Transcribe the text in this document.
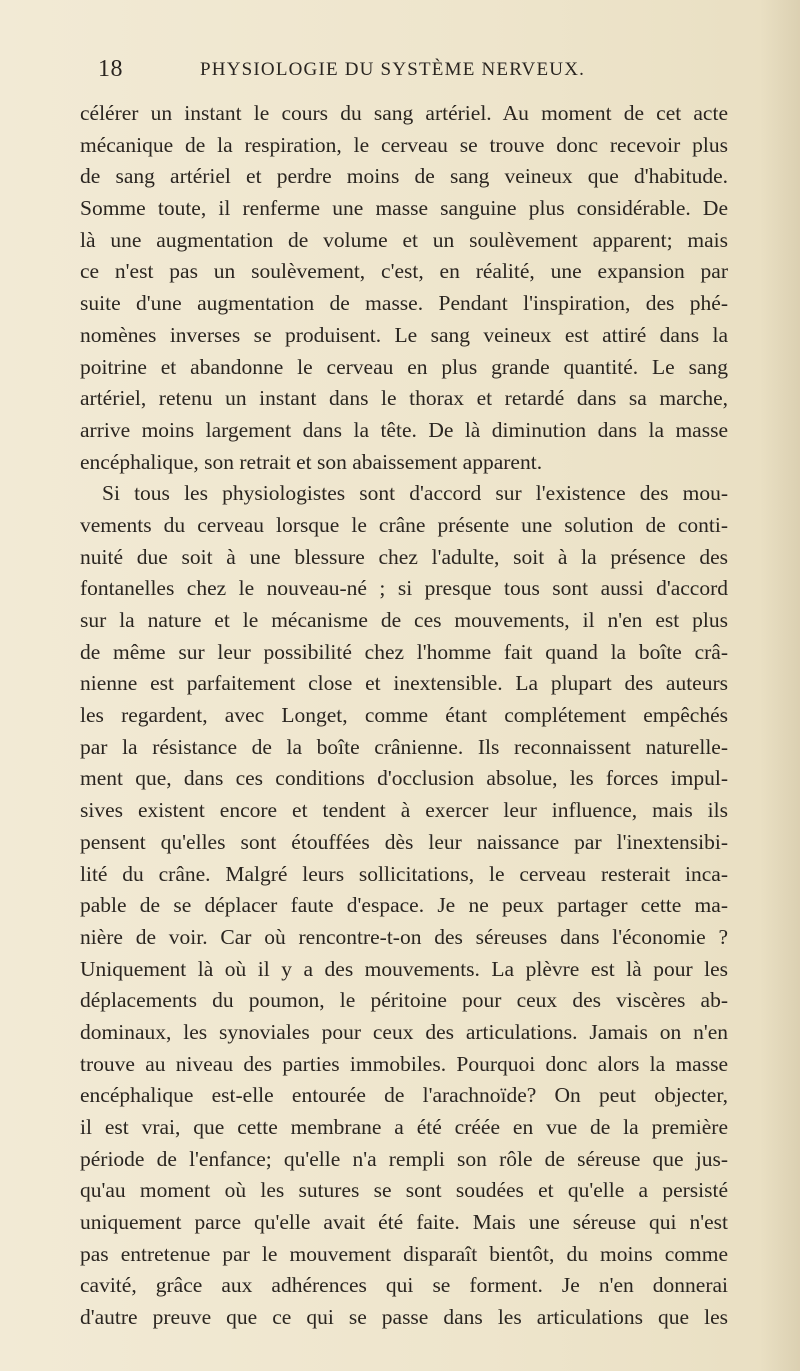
18	PHYSIOLOGIE DU SYSTÈME NERVEUX.
célérer un instant le cours du sang artériel. Au moment de cet acte
mécanique de la respiration, le cerveau se trouve donc recevoir plus
de sang artériel et perdre moins de sang veineux que d'habitude.
Somme toute, il renferme une masse sanguine plus considérable. De
là une augmentation de volume et un soulèvement apparent; mais
ce n'est pas un soulèvement, c'est, en réalité, une expansion par
suite d'une augmentation de masse. Pendant l'inspiration, des phé-
nomènes inverses se produisent. Le sang veineux est attiré dans la
poitrine et abandonne le cerveau en plus grande quantité. Le sang
artériel, retenu un instant dans le thorax et retardé dans sa marche,
arrive moins largement dans la tête. De là diminution dans la masse
encéphalique, son retrait et son abaissement apparent.
Si tous les physiologistes sont d'accord sur l'existence des mou-
vements du cerveau lorsque le crâne présente une solution de conti-
nuité due soit à une blessure chez l'adulte, soit à la présence des
fontanelles chez le nouveau-né ; si presque tous sont aussi d'accord
sur la nature et le mécanisme de ces mouvements, il n'en est plus
de même sur leur possibilité chez l'homme fait quand la boîte crâ-
nienne est parfaitement close et inextensible. La plupart des auteurs
les regardent, avec Longet, comme étant complétement empêchés
par la résistance de la boîte crânienne. Ils reconnaissent naturelle-
ment que, dans ces conditions d'occlusion absolue, les forces impul-
sives existent encore et tendent à exercer leur influence, mais ils
pensent qu'elles sont étouffées dès leur naissance par l'inextensibi-
lité du crâne. Malgré leurs sollicitations, le cerveau resterait inca-
pable de se déplacer faute d'espace. Je ne peux partager cette ma-
nière de voir. Car où rencontre-t-on des séreuses dans l'économie ?
Uniquement là où il y a des mouvements. La plèvre est là pour les
déplacements du poumon, le péritoine pour ceux des viscères ab-
dominaux, les synoviales pour ceux des articulations. Jamais on n'en
trouve au niveau des parties immobiles. Pourquoi donc alors la masse
encéphalique est-elle entourée de l'arachnoïde? On peut objecter,
il est vrai, que cette membrane a été créée en vue de la première
période de l'enfance; qu'elle n'a rempli son rôle de séreuse que jus-
qu'au moment où les sutures se sont soudées et qu'elle a persisté
uniquement parce qu'elle avait été faite. Mais une séreuse qui n'est
pas entretenue par le mouvement disparaît bientôt, du moins comme
cavité, grâce aux adhérences qui se forment. Je n'en donnerai
d'autre preuve que ce qui se passe dans les articulations que les
